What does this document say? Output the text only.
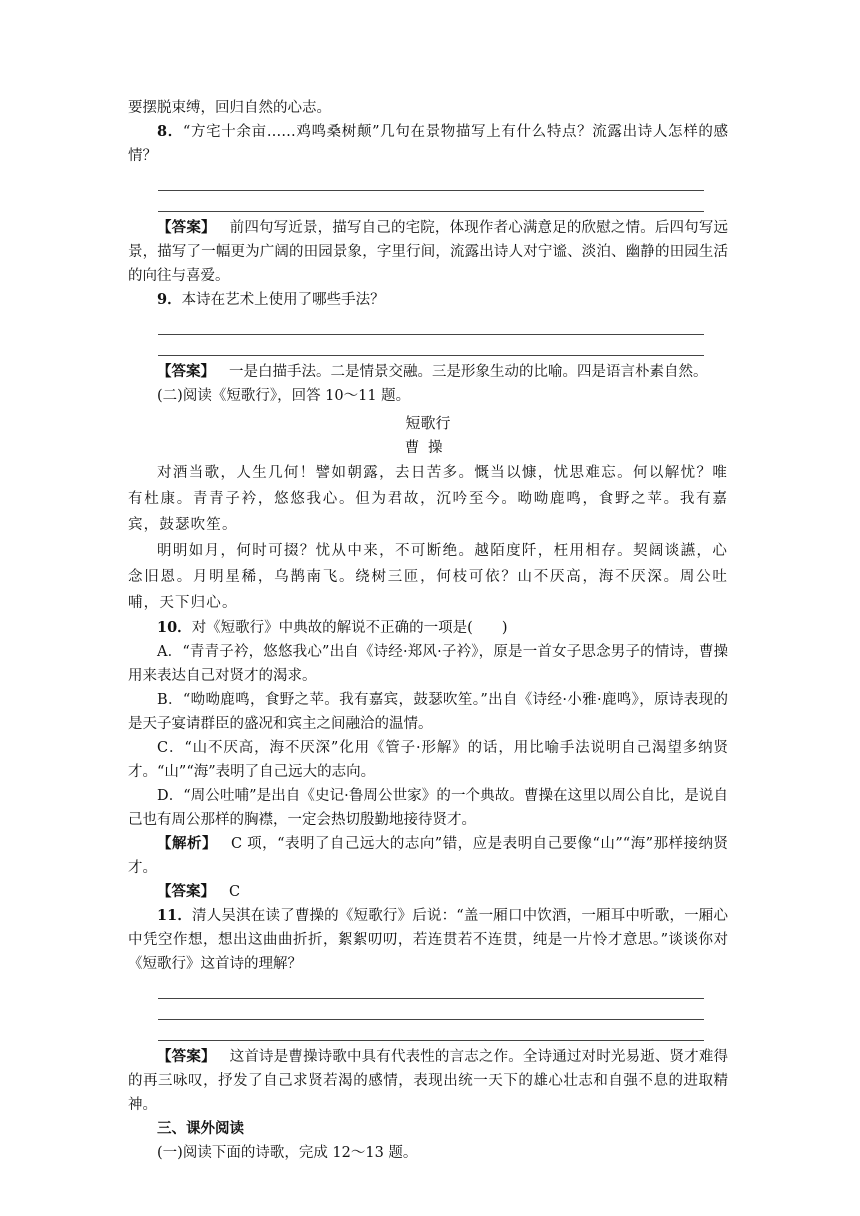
要摆脱束缚，回归自然的心志。

8．“方宅十余亩……鸡鸣桑树颠”几句在景物描写上有什么特点？流露出诗人怎样的感情？

【答案】 前四句写近景，描写自己的宅院，体现作者心满意足的欣慰之情。后四句写远景，描写了一幅更为广阔的田园景象，字里行间，流露出诗人对宁谧、淡泊、幽静的田园生活的向往与喜爱。

9．本诗在艺术上使用了哪些手法？

【答案】 一是白描手法。二是情景交融。三是形象生动的比喻。四是语言朴素自然。

(二)阅读《短歌行》，回答 10～11 题。

短歌行
曹操

对酒当歌，人生几何！譬如朝露，去日苦多。慨当以慷，忧思难忘。何以解忧？唯有杜康。青青子衿，悠悠我心。但为君故，沉吟至今。呦呦鹿鸣，食野之苹。我有嘉宾，鼓瑟吹笙。

明明如月，何时可掇？忧从中来，不可断绝。越陌度阡，枉用相存。契阔谈讌，心念旧恩。月明星稀，乌鹊南飞。绕树三匝，何枝可依？山不厌高，海不厌深。周公吐哺，天下归心。

10．对《短歌行》中典故的解说不正确的一项是(　　)

A．“青青子衿，悠悠我心”出自《诗经·郑风·子衿》，原是一首女子思念男子的情诗，曹操用来表达自己对贤才的渴求。

B．“呦呦鹿鸣，食野之苹。我有嘉宾，鼓瑟吹笙。”出自《诗经·小雅·鹿鸣》，原诗表现的是天子宴请群臣的盛况和宾主之间融洽的温情。

C．“山不厌高，海不厌深”化用《管子·形解》的话，用比喻手法说明自己渴望多纳贤才。“山”“海”表明了自己远大的志向。

D．“周公吐哺”是出自《史记·鲁周公世家》的一个典故。曹操在这里以周公自比，是说自己也有周公那样的胸襟，一定会热切殷勤地接待贤才。

【解析】 C 项，“表明了自己远大的志向”错，应是表明自己要像“山”“海”那样接纳贤才。

【答案】 C

11．清人吴淇在读了曹操的《短歌行》后说：“盖一厢口中饮酒，一厢耳中听歌，一厢心中凭空作想，想出这曲曲折折，絮絮叨叨，若连贯若不连贯，纯是一片怜才意思。”谈谈你对《短歌行》这首诗的理解？

【答案】 这首诗是曹操诗歌中具有代表性的言志之作。全诗通过对时光易逝、贤才难得的再三咏叹，抒发了自己求贤若渴的感情，表现出统一天下的雄心壮志和自强不息的进取精神。

三、课外阅读

(一)阅读下面的诗歌，完成 12～13 题。
